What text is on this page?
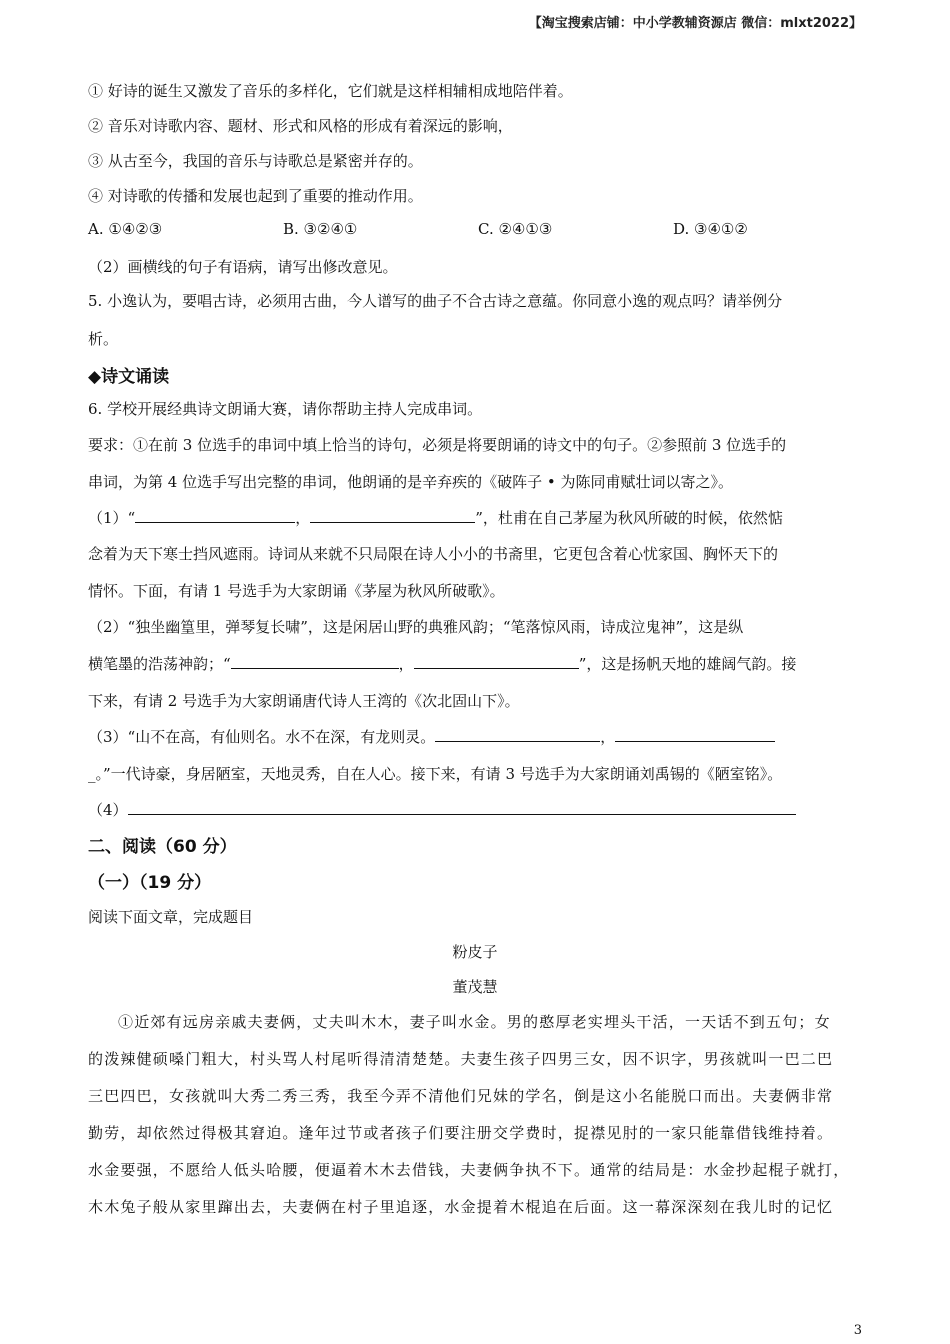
【淘宝搜索店铺：中小学教辅资源店 微信：mlxt2022】
① 好诗的诞生又激发了音乐的多样化，它们就是这样相辅相成地陪伴着。
② 音乐对诗歌内容、题材、形式和风格的形成有着深远的影响，
③ 从古至今，我国的音乐与诗歌总是紧密并存的。
④ 对诗歌的传播和发展也起到了重要的推动作用。
A. ①④②③	B. ③②④①	C. ②④①③	D. ③④①②
（2）画横线的句子有语病，请写出修改意见。
5. 小逸认为，要唱古诗，必须用古曲，今人谱写的曲子不合古诗之意蕴。你同意小逸的观点吗？请举例分
析。
◆诗文诵读
6. 学校开展经典诗文朗诵大赛，请你帮助主持人完成串词。
要求：①在前 3 位选手的串词中填上恰当的诗句，必须是将要朗诵的诗文中的句子。②参照前 3 位选手的
串词，为第 4 位选手写出完整的串词，他朗诵的是辛弃疾的《破阵子 • 为陈同甫赋壮词以寄之》。
（1）“	，	”，杜甫在自己茅屋为秋风所破的时候，依然惦
念着为天下寒士挡风遮雨。诗词从来就不只局限在诗人小小的书斋里，它更包含着心忧家国、胸怀天下的
情怀。下面，有请 1 号选手为大家朗诵《茅屋为秋风所破歌》。
（2）“独坐幽篁里，弹琴复长啸”，这是闲居山野的典雅风韵；“笔落惊风雨，诗成泣鬼神”，这是纵
横笔墨的浩荡神韵；“	，	”，这是扬帆天地的雄阔气韵。接
下来，有请 2 号选手为大家朗诵唐代诗人王湾的《次北固山下》。
（3）“山不在高，有仙则名。水不在深，有龙则灵。	，
_。”一代诗豪，身居陋室，天地灵秀，自在人心。接下来，有请 3 号选手为大家朗诵刘禹锡的《陋室铭》。
（4）
二、阅读（60 分）
（一）（19 分）
阅读下面文章，完成题目
粉皮子
董茂慧
①近郊有远房亲戚夫妻俩，丈夫叫木木，妻子叫水金。男的憨厚老实埋头干活，一天话不到五句；女
的泼辣健硕嗓门粗大，村头骂人村尾听得清清楚楚。夫妻生孩子四男三女，因不识字，男孩就叫一巴二巴
三巴四巴，女孩就叫大秀二秀三秀，我至今弄不清他们兄妹的学名，倒是这小名能脱口而出。夫妻俩非常
勤劳，却依然过得极其窘迫。逢年过节或者孩子们要注册交学费时，捉襟见肘的一家只能靠借钱维持着。
水金要强，不愿给人低头哈腰，便逼着木木去借钱，夫妻俩争执不下。通常的结局是：水金抄起棍子就打，
木木兔子般从家里蹿出去，夫妻俩在村子里追逐，水金提着木棍追在后面。这一幕深深刻在我儿时的记忆
3
